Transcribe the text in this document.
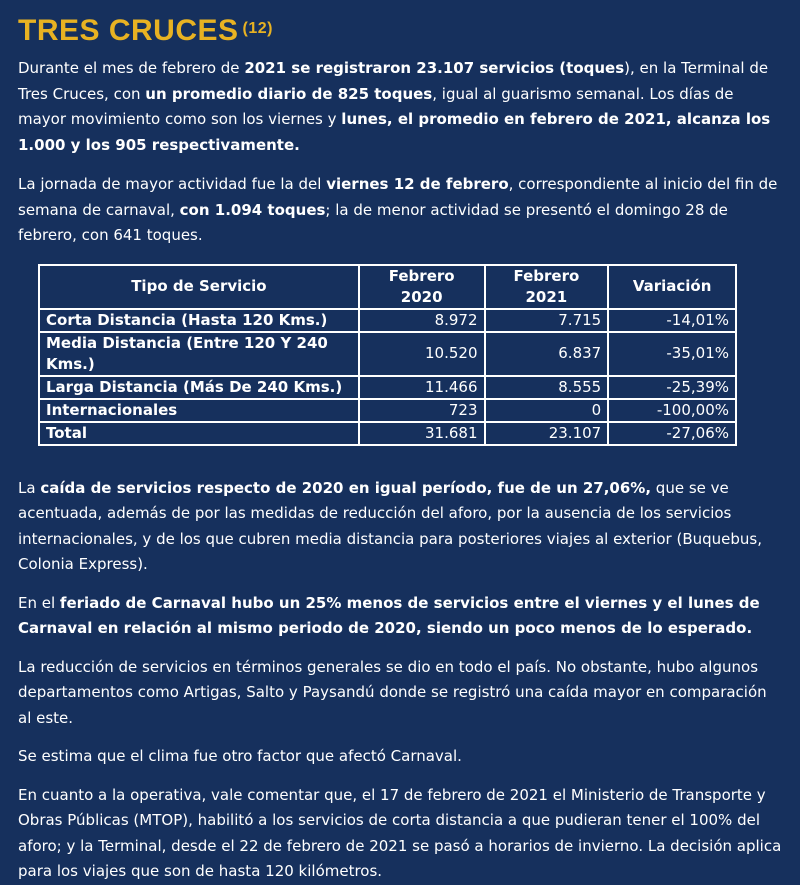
TRES CRUCES $^{(12)}$

Durante el mes de febrero de 2021 se registraron 23.107 servicios (toques), en la Terminal de Tres Cruces, con un promedio diario de 825 toques, igual al guarismo semanal. Los días de mayor movimiento como son los viernes y lunes, el promedio en febrero de 2021, alcanza los 1.000 y los 905 respectivamente.

La jornada de mayor actividad fue la del viernes 12 de febrero, correspondiente al inicio del fin de semana de carnaval, con 1.094 toques; la de menor actividad se presentó el domingo 28 de febrero, con 641 toques.

Tipo de Servicio	Febrero 2020	Febrero 2021	Variación
Corta Distancia (Hasta 120 Kms.)	8.972	7.715	-14,01%
Media Distancia (Entre 120 Y 240 Kms.)	10.520	6.837	-35,01%
Larga Distancia (Más De 240 Kms.)	11.466	8.555	-25,39%
Internacionales	723	0	-100,00%
Total	31.681	23.107	-27,06%

La caída de servicios respecto de 2020 en igual período, fue de un 27,06%, que se ve acentuada, además de por las medidas de reducción del aforo, por la ausencia de los servicios internacionales, y de los que cubren media distancia para posteriores viajes al exterior (Buquebus, Colonia Express).

En el feriado de Carnaval hubo un 25% menos de servicios entre el viernes y el lunes de Carnaval en relación al mismo periodo de 2020, siendo un poco menos de lo esperado.

La reducción de servicios en términos generales se dio en todo el país. No obstante, hubo algunos departamentos como Artigas, Salto y Paysandú donde se registró una caída mayor en comparación al este.

Se estima que el clima fue otro factor que afectó Carnaval.

En cuanto a la operativa, vale comentar que, el 17 de febrero de 2021 el Ministerio de Transporte y Obras Públicas (MTOP), habilitó a los servicios de corta distancia a que pudieran tener el 100% del aforo; y la Terminal, desde el 22 de febrero de 2021 se pasó a horarios de invierno. La decisión aplica para los viajes que son de hasta 120 kilómetros.
